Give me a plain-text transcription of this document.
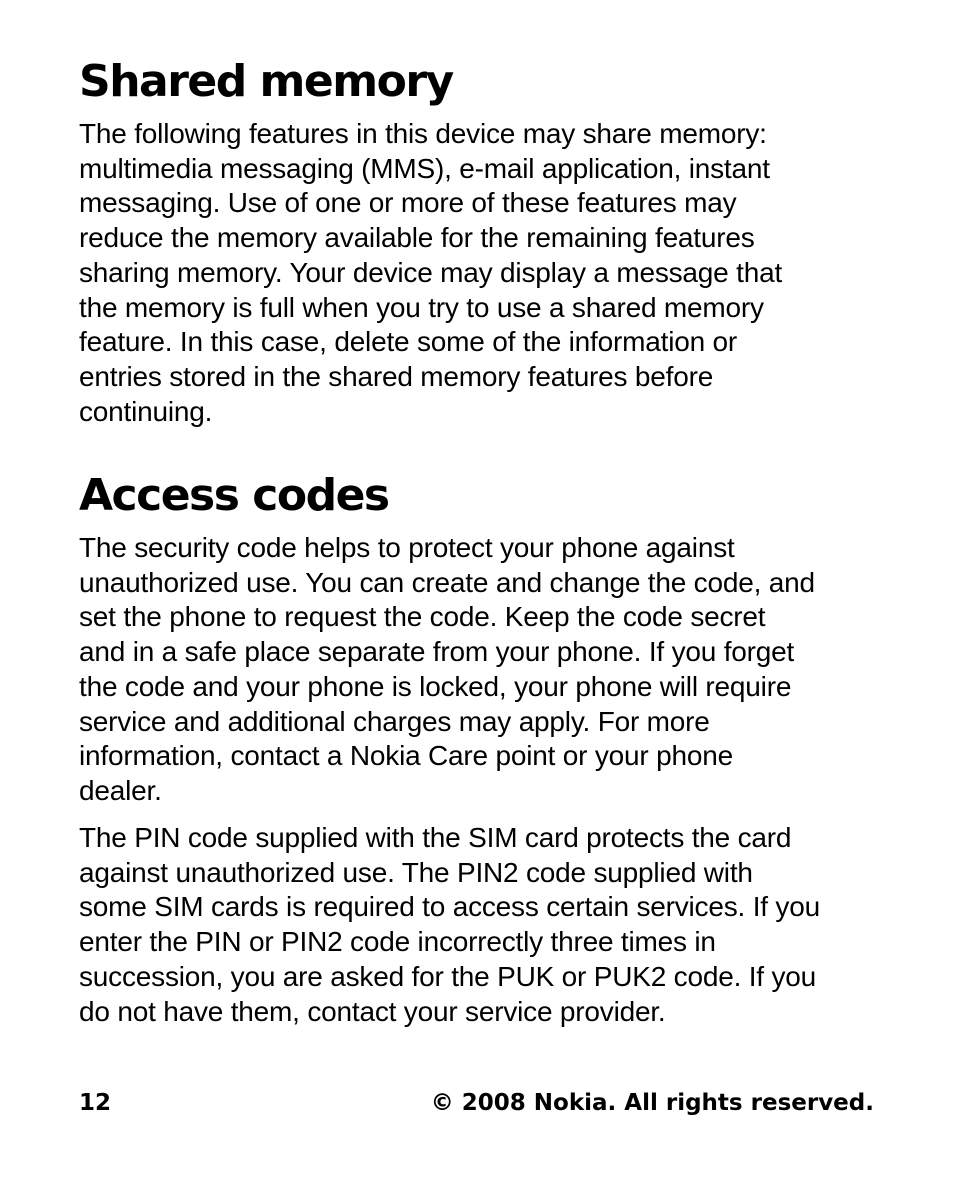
Shared memory

The following features in this device may share memory:
multimedia messaging (MMS), e-mail application, instant
messaging. Use of one or more of these features may
reduce the memory available for the remaining features
sharing memory. Your device may display a message that
the memory is full when you try to use a shared memory
feature. In this case, delete some of the information or
entries stored in the shared memory features before
continuing.

Access codes

The security code helps to protect your phone against
unauthorized use. You can create and change the code, and
set the phone to request the code. Keep the code secret
and in a safe place separate from your phone. If you forget
the code and your phone is locked, your phone will require
service and additional charges may apply. For more
information, contact a Nokia Care point or your phone
dealer.

The PIN code supplied with the SIM card protects the card
against unauthorized use. The PIN2 code supplied with
some SIM cards is required to access certain services. If you
enter the PIN or PIN2 code incorrectly three times in
succession, you are asked for the PUK or PUK2 code. If you
do not have them, contact your service provider.

12	© 2008 Nokia. All rights reserved.
